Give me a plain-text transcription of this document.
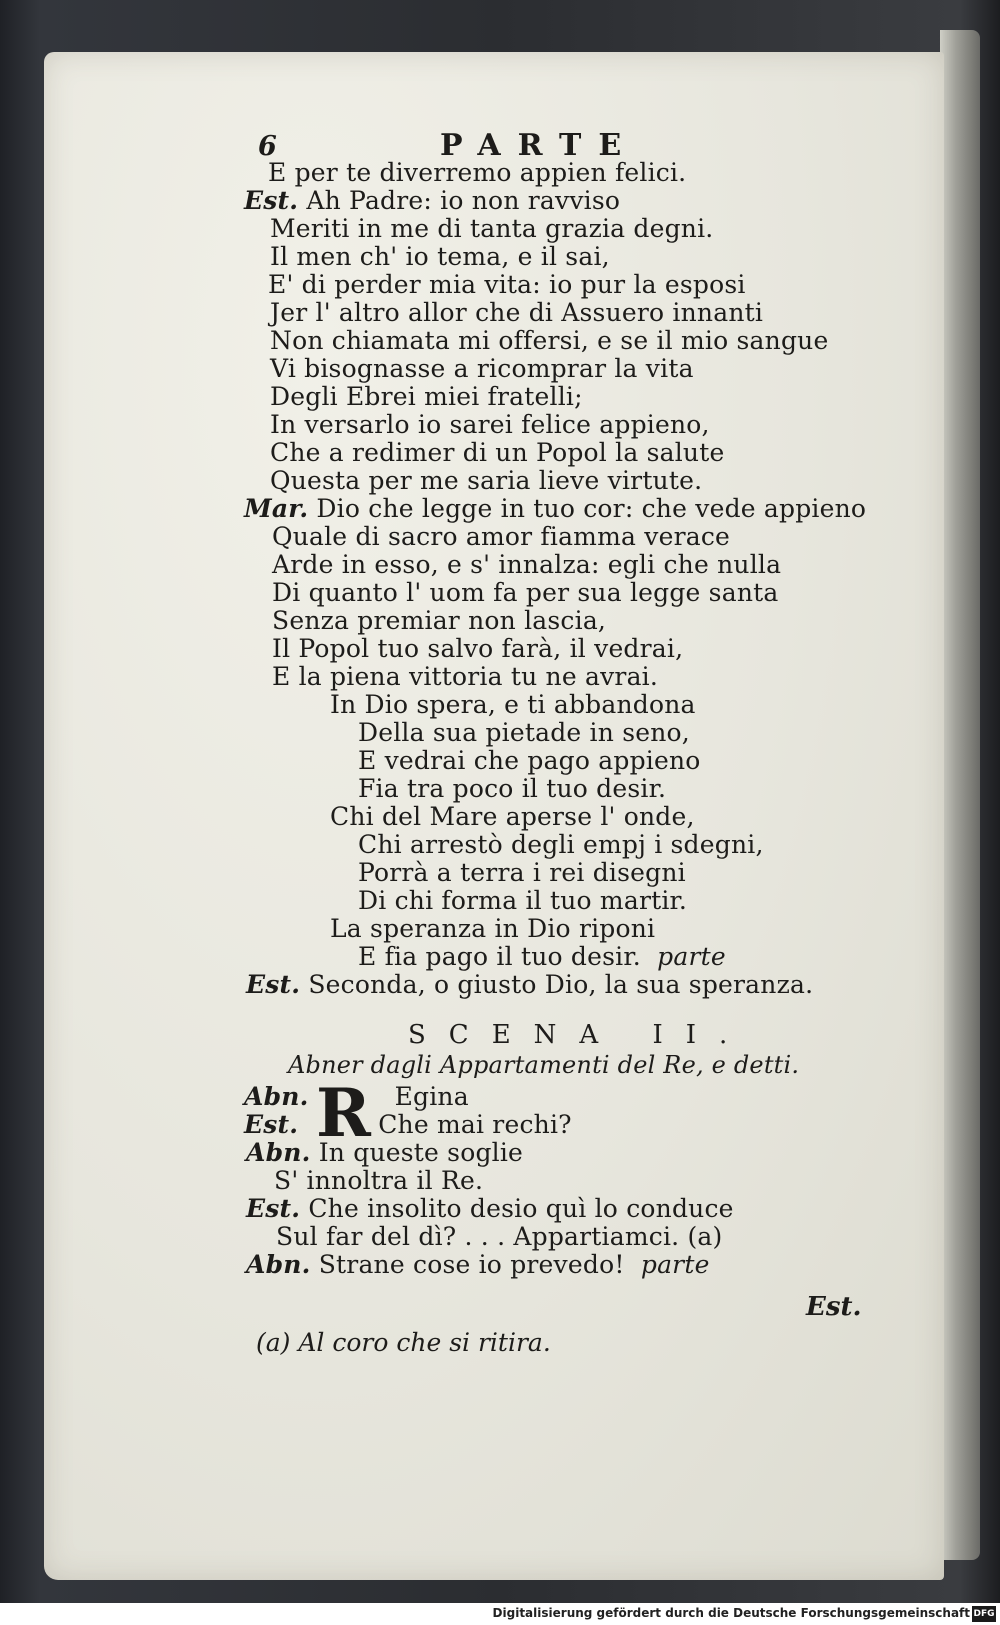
6	PARTE
E per te diverremo appien felici.
Est. Ah Padre: io non ravviso
Meriti in me di tanta grazia degni.
Il men ch' io tema, e il sai,
E' di perder mia vita: io pur la esposi
Jer l' altro allor che di Assuero innanti
Non chiamata mi offersi, e se il mio sangue
Vi bisognasse a ricomprar la vita
Degli Ebrei miei fratelli;
In versarlo io sarei felice appieno,
Che a redimer di un Popol la salute
Questa per me saria lieve virtute.
Mar. Dio che legge in tuo cor: che vede appieno
Quale di sacro amor fiamma verace
Arde in esso, e s' innalza: egli che nulla
Di quanto l' uom fa per sua legge santa
Senza premiar non lascia,
Il Popol tuo salvo farà, il vedrai,
E la piena vittoria tu ne avrai.
In Dio spera, e ti abbandona
Della sua pietade in seno,
E vedrai che pago appieno
Fia tra poco il tuo desir.
Chi del Mare aperse l' onde,
Chi arrestò degli empj i sdegni,
Porrà a terra i rei disegni
Di chi forma il tuo martir.
La speranza in Dio riponi
E fia pago il tuo desir. parte
Est. Seconda, o giusto Dio, la sua speranza.
SCENA II.
Abner dagli Appartamenti del Re, e detti.
R
Abn.	Egina
Est.	Che mai rechi?
Abn. In queste soglie
S' innoltra il Re.
Est. Che insolito desio quì lo conduce
Sul far del dì? . . . Appartiamci. (a)
Abn. Strane cose io prevedo! parte
Est.
(a) Al coro che si ritira.
Digitalisierung gefördert durch die Deutsche Forschungsgemeinschaft DFG
